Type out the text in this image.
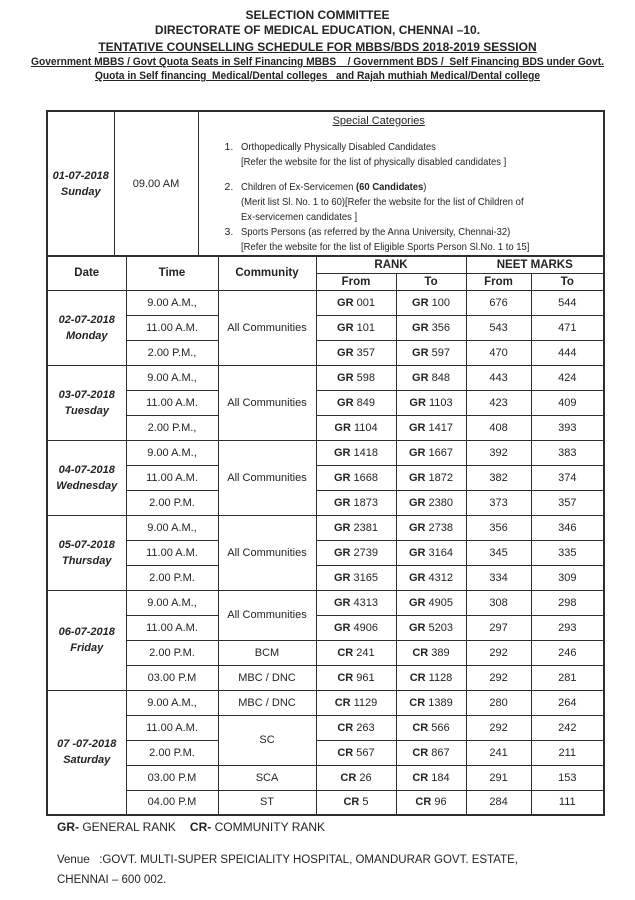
SELECTION COMMITTEE
DIRECTORATE OF MEDICAL EDUCATION, CHENNAI –10.
TENTATIVE COUNSELLING SCHEDULE FOR MBBS/BDS 2018-2019 SESSION
Government MBBS / Govt Quota Seats in Self Financing MBBS    / Government BDS /  Self Financing BDS under Govt.
Quota in Self financing  Medical/Dental colleges   and Rajah muthiah Medical/Dental college
01-07-2018
Sunday
	09.00 AM	
Special Categories
1. Orthopedically Physically Disabled Candidates
[Refer the website for the list of physically disabled candidates ]
2. Children of Ex-Servicemen (60 Candidates)
(Merit list Sl. No. 1 to 60)[Refer the website for the list of Children of
Ex-servicemen candidates ]
3. Sports Persons (as referred by the Anna University, Chennai-32)
[Refer the website for the list of Eligible Sports Person Sl.No. 1 to 15]
Date	Time	Community	RANK		NEET MARKS	
			From	To	From	To

02-07-2018
Monday	9.00 A.M.,	All Communities	GR 001	GR 100	676	544
	11.00 A.M.		GR 101	GR 356	543	471
	2.00 P.M.,		GR 357	GR 597	470	444

03-07-2018
Tuesday	9.00 A.M.,	All Communities	GR 598	GR 848	443	424
	11.00 A.M.		GR 849	GR 1103	423	409
	2.00 P.M.,		GR 1104	GR 1417	408	393

04-07-2018
Wednesday	9.00 A.M.,	All Communities	GR 1418	GR 1667	392	383
	11.00 A.M.		GR 1668	GR 1872	382	374
	2.00 P.M.		GR 1873	GR 2380	373	357

05-07-2018
Thursday	9.00 A.M.,	All Communities	GR 2381	GR 2738	356	346
	11.00 A.M.		GR 2739	GR 3164	345	335
	2.00 P.M.		GR 3165	GR 4312	334	309

06-07-2018
Friday	9.00 A.M.,	All Communities	GR 4313	GR 4905	308	298
	11.00 A.M.		GR 4906	GR 5203	297	293
	2.00 P.M.	BCM	CR 241	CR 389	292	246
	03.00 P.M	MBC / DNC	CR 961	CR 1128	292	281

07 -07-2018
Saturday	9.00 A.M.,	MBC / DNC	CR 1129	CR 1389	280	264
	11.00 A.M.	SC	CR 263	CR 566	292	242
	2.00 P.M.		CR 567	CR 867	241	211
	03.00 P.M	SCA	CR 26	CR 184	291	153
	04.00 P.M	ST	CR 5	CR 96	284	111
GR- GENERAL RANK CR- COMMUNITY RANK
Venue   :GOVT. MULTI-SUPER SPEICIALITY HOSPITAL, OMANDURAR GOVT. ESTATE,
CHENNAI – 600 002.
